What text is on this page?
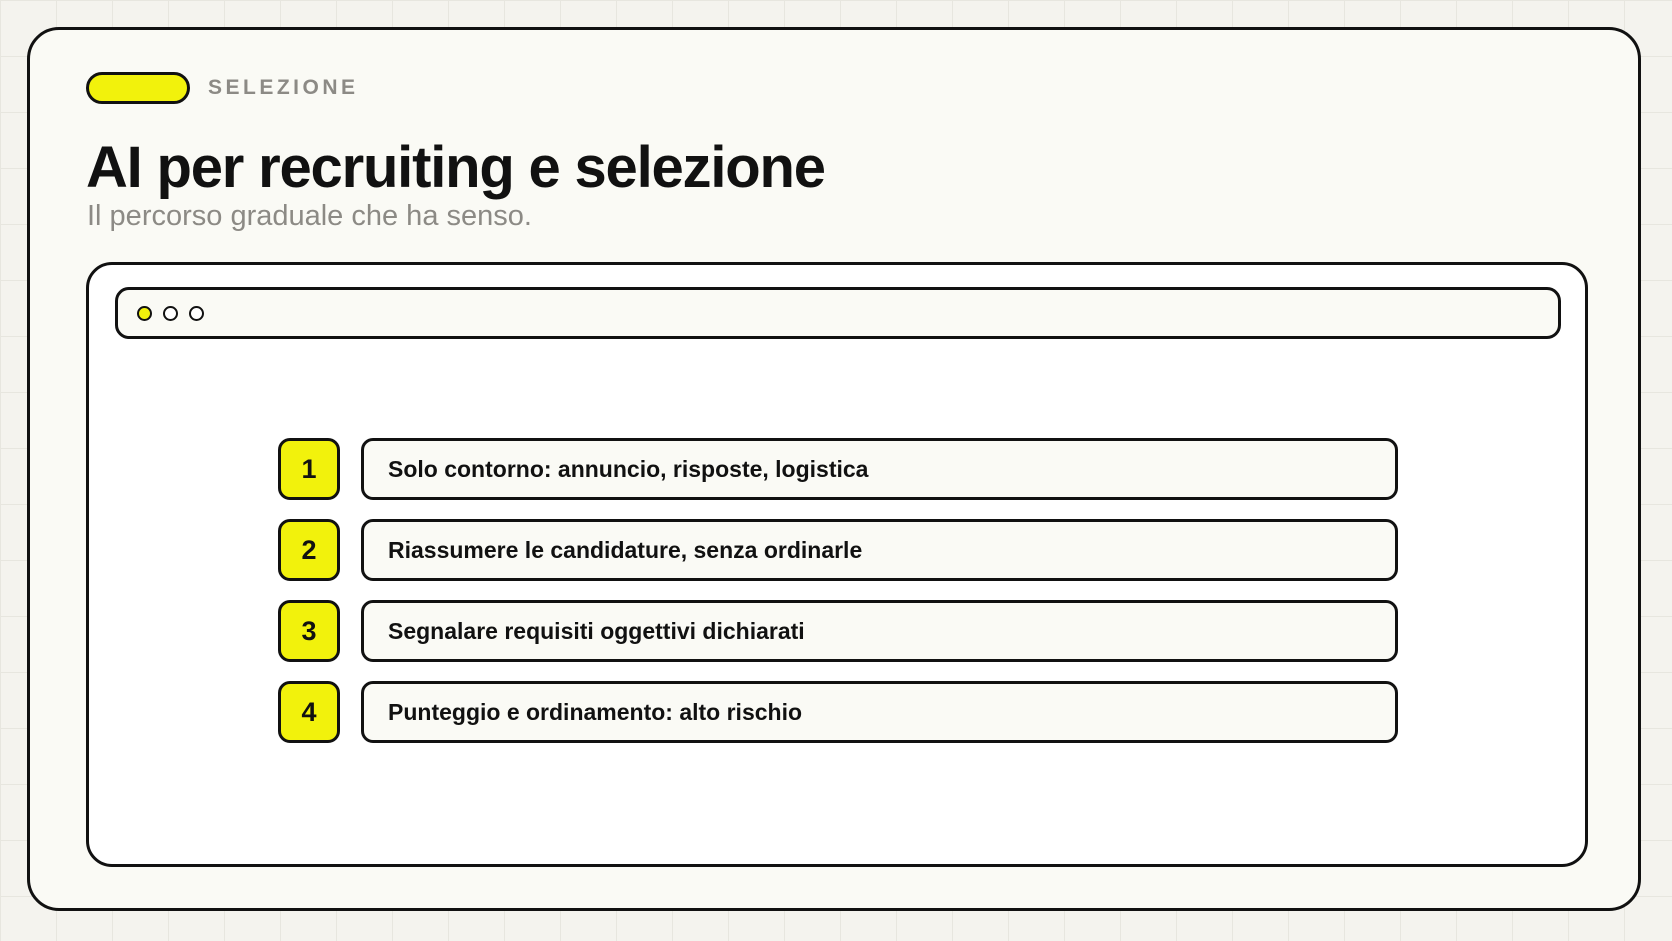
SELEZIONE
AI per recruiting e selezione

Il percorso graduale che ha senso.

1	Solo contorno: annuncio, risposte, logistica
2	Riassumere le candidature, senza ordinarle
3	Segnalare requisiti oggettivi dichiarati
4	Punteggio e ordinamento: alto rischio
